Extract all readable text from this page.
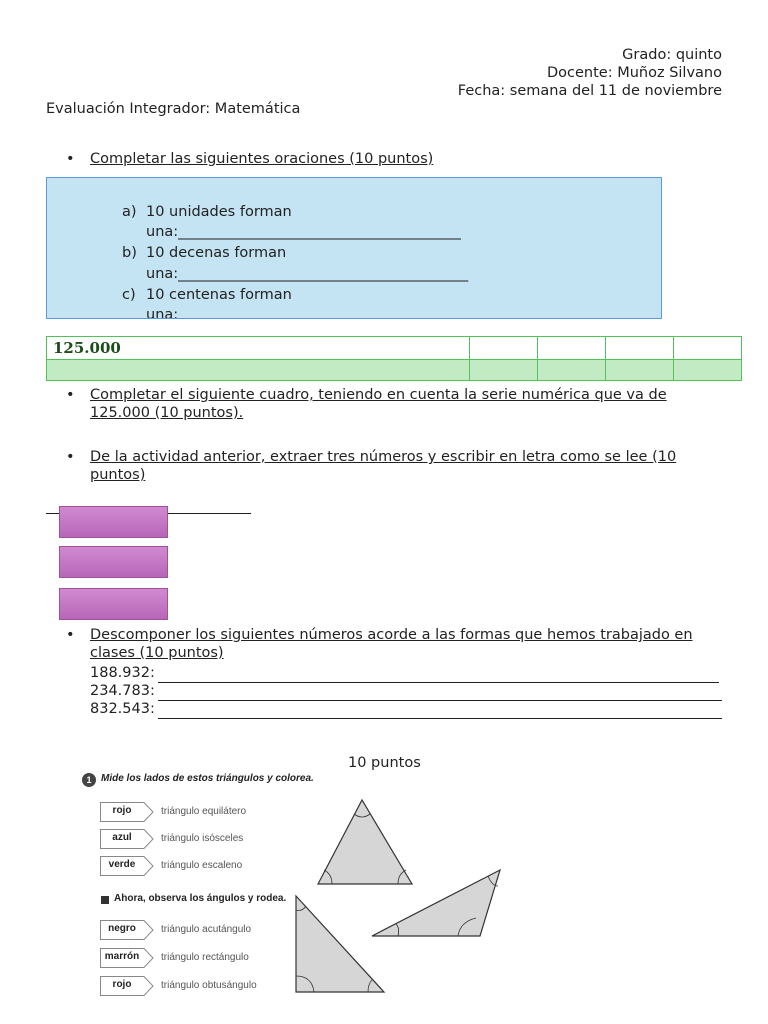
Grado: quinto
Docente: Muñoz Silvano
Fecha: semana del 11 de noviembre
Evaluación Integrador: Matemática
• Completar las siguientes oraciones (10 puntos)
a) 10 unidades forman
una:_______________________________________
b) 10 decenas forman
una:________________________________________
c) 10 centenas forman
una:
125.000				

• Completar el siguiente cuadro, teniendo en cuenta la serie numérica que va de
125.000 (10 puntos).
• De la actividad anterior, extraer tres números y escribir en letra como se lee (10
puntos)
• Descomponer los siguientes números acorde a las formas que hemos trabajado en
clases (10 puntos)
188.932:
234.783:
832.543:
10 puntos
1 Mide los lados de estos triángulos y colorea.
rojo	triángulo equilátero
azul	triángulo isósceles
verde	triángulo escaleno
Ahora, observa los ángulos y rodea.
negro	triángulo acutángulo
marrón	triángulo rectángulo
rojo	triángulo obtusángulo
